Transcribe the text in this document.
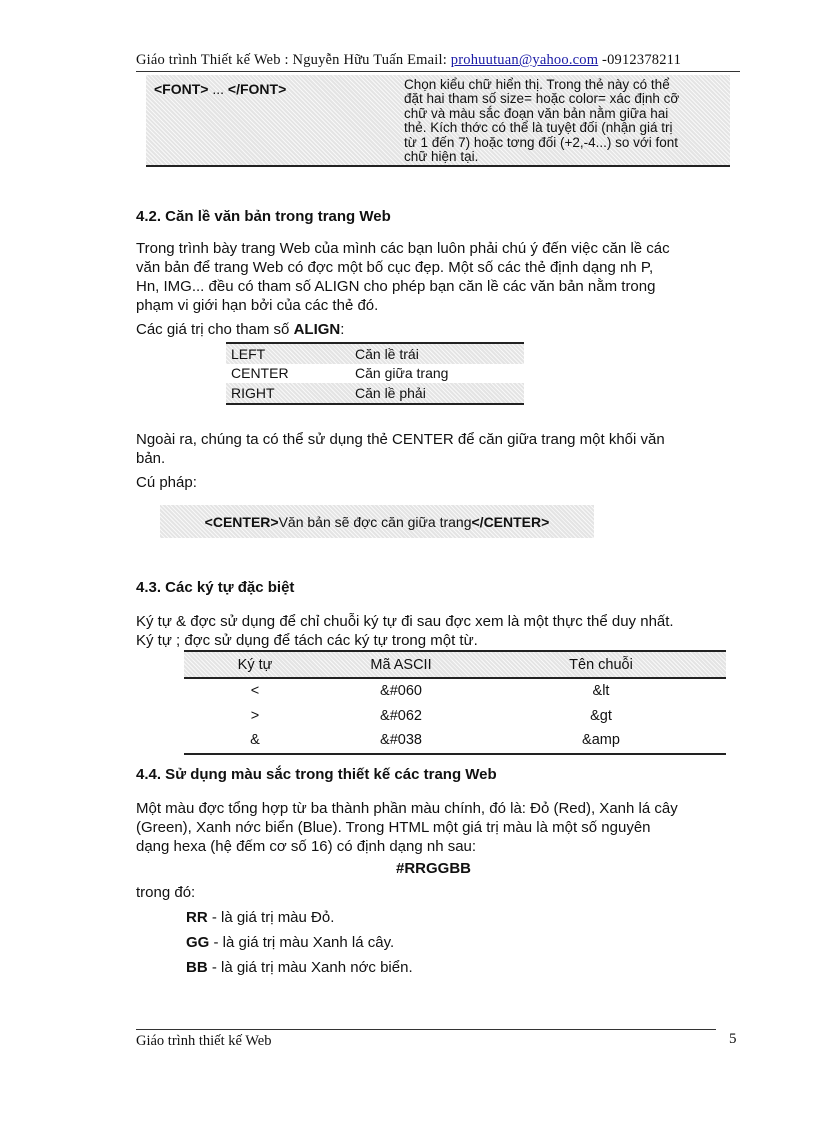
Giáo trình Thiết kế Web : Nguyễn Hữu Tuấn Email: prohuutuan@yahoo.com -0912378211
<FONT> ... </FONT>	Chọn kiểu chữ hiển thị. Trong thẻ này có thể
đặt hai tham số size= hoặc color= xác định cỡ
chữ và màu sắc đoạn văn bản nằm giữa hai
thẻ. Kích thớc có thể là tuyệt đối (nhận giá trị
từ 1 đến 7) hoặc tơng đối (+2,-4...) so với font
chữ hiện tại.
4.2. Căn lề văn bản trong trang Web
Trong trình bày trang Web của mình các bạn luôn phải chú ý đến việc căn lề các
văn bản để trang Web có đợc một bố cục đẹp. Một số các thẻ định dạng nh P,
Hn, IMG... đều có tham số ALIGN cho phép bạn căn lề các văn bản nằm trong
phạm vi giới hạn bởi của các thẻ đó.
Các giá trị cho tham số ALIGN:
LEFT	Căn lề trái
CENTER	Căn giữa trang
RIGHT	Căn lề phải
Ngoài ra, chúng ta có thể sử dụng thẻ CENTER để căn giữa trang một khối văn
bản.
Cú pháp:
<CENTER> Văn bản sẽ đợc căn giữa trang </CENTER>
4.3. Các ký tự đặc biệt
Ký tự & đợc sử dụng để chỉ chuỗi ký tự đi sau đợc xem là một thực thể duy nhất.
Ký tự ; đợc sử dụng để tách các ký tự trong một từ.
Ký tự	Mã ASCII	Tên chuỗi
<	&#060	&lt
>	&#062	&gt
&	&#038	&amp
4.4. Sử dụng màu sắc trong thiết kế các trang Web
Một màu đợc tổng hợp từ ba thành phần màu chính, đó là: Đỏ (Red), Xanh lá cây
(Green), Xanh nớc biển (Blue). Trong HTML một giá trị màu là một số nguyên
dạng hexa (hệ đếm cơ số 16) có định dạng nh sau:
#RRGGBB
trong đó:
RR - là giá trị màu Đỏ.
GG - là giá trị màu Xanh lá cây.
BB - là giá trị màu Xanh nớc biển.
Giáo trình thiết kế Web	5
